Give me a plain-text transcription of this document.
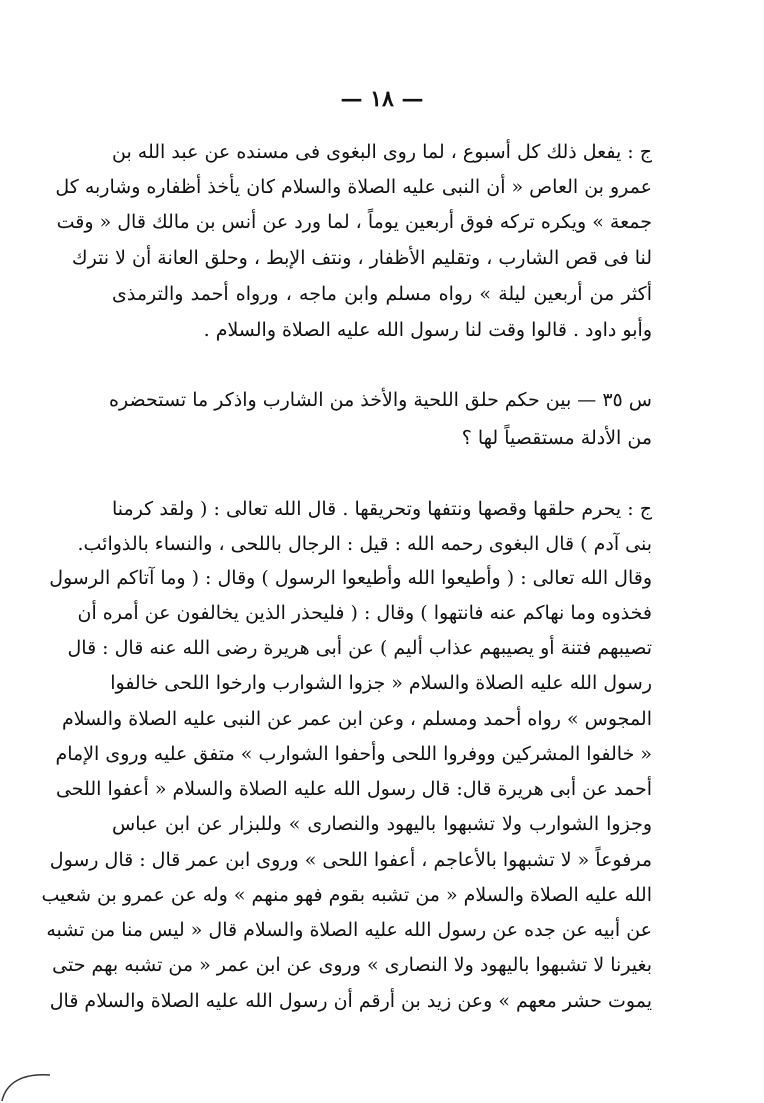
— ١٨ —
ج : يفعل ذلك كل أسبوع ، لما روى البغوى فى مسنده عن عبد الله بن
عمرو بن العاص « أن النبى عليه الصلاة والسلام كان يأخذ أظفاره وشاربه كل
جمعة » ويكره تركه فوق أربعين يوماً ، لما ورد عن أنس بن مالك قال « وقت
لنا فى قص الشارب ، وتقليم الأظفار ، ونتف الإبط ، وحلق العانة أن لا نترك
أكثر من أربعين ليلة » رواه مسلم وابن ماجه ، ورواه أحمد والترمذى
وأبو داود . قالوا وقت لنا رسول الله عليه الصلاة والسلام .
س ٣٥ — بين حكم حلق اللحية والأخذ من الشارب واذكر ما تستحضره
من الأدلة مستقصياً لها ؟
ج : يحرم حلقها وقصها ونتفها وتحريقها . قال الله تعالى : ( ولقد كرمنا
بنى آدم ) قال البغوى رحمه الله : قيل : الرجال باللحى ، والنساء بالذوائب.
وقال الله تعالى : ( وأطيعوا الله وأطيعوا الرسول ) وقال : ( وما آتاكم الرسول
فخذوه وما نهاكم عنه فانتهوا ) وقال : ( فليحذر الذين يخالفون عن أمره أن
تصيبهم فتنة أو يصيبهم عذاب أليم ) عن أبى هريرة رضى الله عنه قال : قال
رسول الله عليه الصلاة والسلام « جزوا الشوارب وارخوا اللحى خالفوا
المجوس » رواه أحمد ومسلم ، وعن ابن عمر عن النبى عليه الصلاة والسلام
« خالفوا المشركين ووفروا اللحى وأحفوا الشوارب » متفق عليه وروى الإمام
أحمد عن أبى هريرة قال: قال رسول الله عليه الصلاة والسلام « أعفوا اللحى
وجزوا الشوارب ولا تشبهوا باليهود والنصارى » وللبزار عن ابن عباس
مرفوعاً « لا تشبهوا بالأعاجم ، أعفوا اللحى » وروى ابن عمر قال : قال رسول
الله عليه الصلاة والسلام « من تشبه بقوم فهو منهم » وله عن عمرو بن شعيب
عن أبيه عن جده عن رسول الله عليه الصلاة والسلام قال « ليس منا من تشبه
بغيرنا لا تشبهوا باليهود ولا النصارى » وروى عن ابن عمر « من تشبه بهم حتى
يموت حشر معهم » وعن زيد بن أرقم أن رسول الله عليه الصلاة والسلام قال
